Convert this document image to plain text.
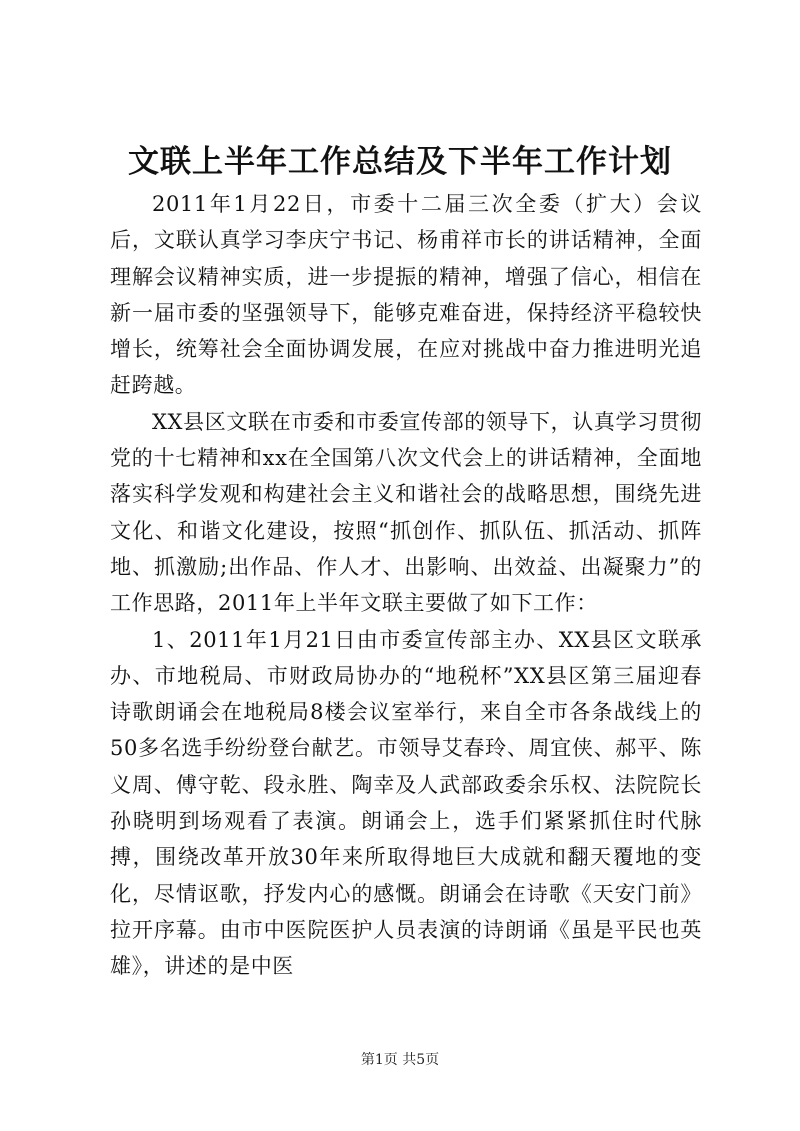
文联上半年工作总结及下半年工作计划

2011年1月22日，市委十二届三次全委（扩大）会议后，文联认真学习李庆宁书记、杨甫祥市长的讲话精神，全面理解会议精神实质，进一步提振的精神，增强了信心，相信在新一届市委的坚强领导下，能够克难奋进，保持经济平稳较快增长，统筹社会全面协调发展，在应对挑战中奋力推进明光追赶跨越。

XX县区文联在市委和市委宣传部的领导下，认真学习贯彻党的十七精神和xx在全国第八次文代会上的讲话精神，全面地落实科学发观和构建社会主义和谐社会的战略思想，围绕先进文化、和谐文化建设，按照“抓创作、抓队伍、抓活动、抓阵地、抓激励;出作品、作人才、出影响、出效益、出凝聚力”的工作思路，2011年上半年文联主要做了如下工作：

1、2011年1月21日由市委宣传部主办、XX县区文联承办、市地税局、市财政局协办的“地税杯”XX县区第三届迎春诗歌朗诵会在地税局8楼会议室举行，来自全市各条战线上的50多名选手纷纷登台献艺。市领导艾春玲、周宜侠、郝平、陈义周、傅守乾、段永胜、陶幸及人武部政委余乐权、法院院长孙晓明到场观看了表演。朗诵会上，选手们紧紧抓住时代脉搏，围绕改革开放30年来所取得地巨大成就和翻天覆地的变化，尽情讴歌，抒发内心的感慨。朗诵会在诗歌《天安门前》拉开序幕。由市中医院医护人员表演的诗朗诵《虽是平民也英雄》，讲述的是中医

第1页 共5页
